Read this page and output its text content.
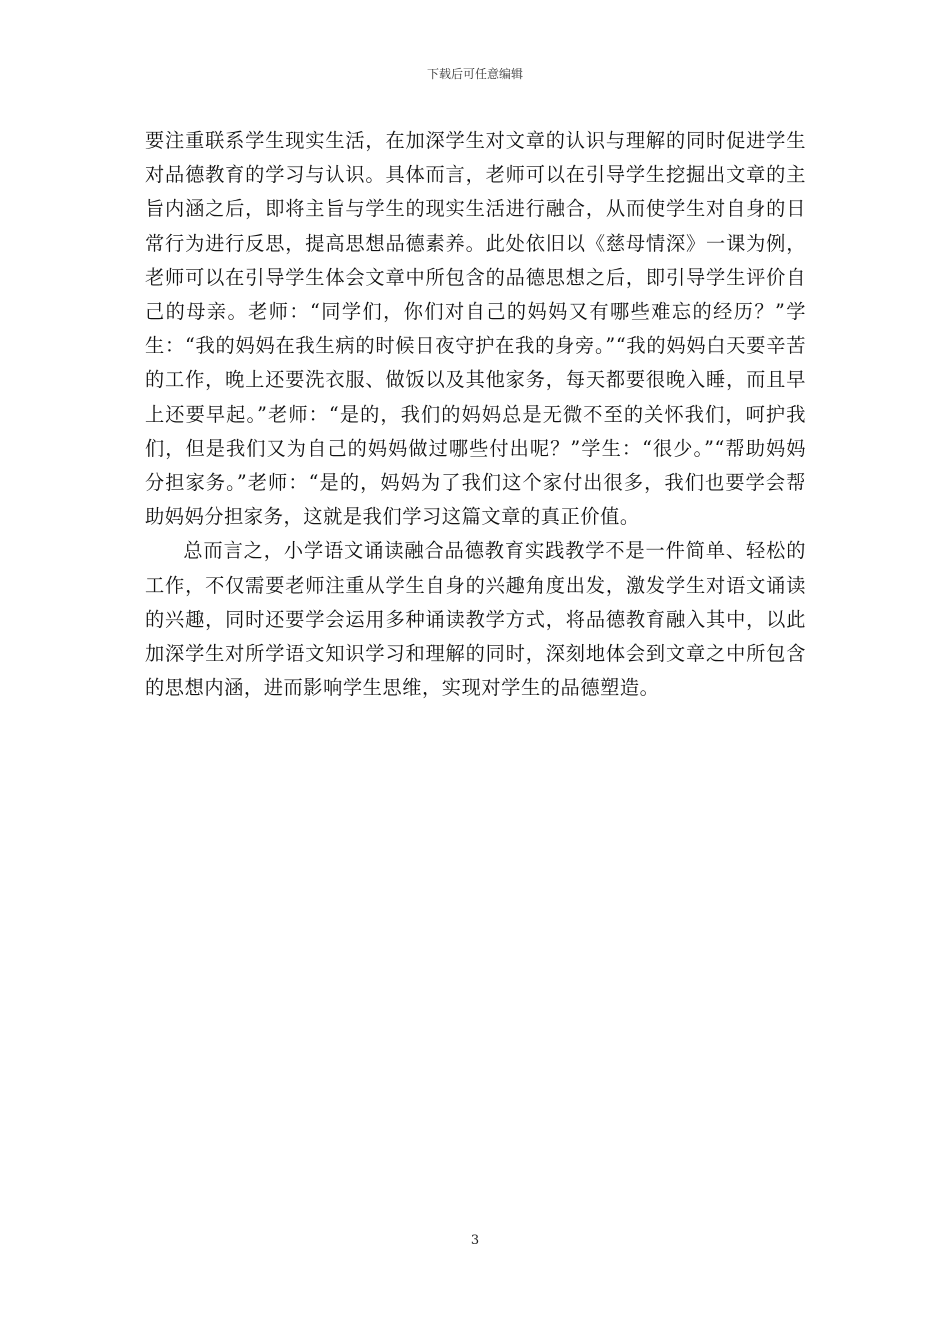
下载后可任意编辑

要注重联系学生现实生活，在加深学生对文章的认识与理解的同时促进学生对品德教育的学习与认识。具体而言，老师可以在引导学生挖掘出文章的主旨内涵之后，即将主旨与学生的现实生活进行融合，从而使学生对自身的日常行为进行反思，提高思想品德素养。此处依旧以《慈母情深》一课为例，老师可以在引导学生体会文章中所包含的品德思想之后，即引导学生评价自己的母亲。老师：“同学们，你们对自己的妈妈又有哪些难忘的经历？”学生：“我的妈妈在我生病的时候日夜守护在我的身旁。”“我的妈妈白天要辛苦的工作，晚上还要洗衣服、做饭以及其他家务，每天都要很晚入睡，而且早上还要早起。”老师：“是的，我们的妈妈总是无微不至的关怀我们，呵护我们，但是我们又为自己的妈妈做过哪些付出呢？”学生：“很少。”“帮助妈妈分担家务。”老师：“是的，妈妈为了我们这个家付出很多，我们也要学会帮助妈妈分担家务，这就是我们学习这篇文章的真正价值。

总而言之，小学语文诵读融合品德教育实践教学不是一件简单、轻松的工作，不仅需要老师注重从学生自身的兴趣角度出发，激发学生对语文诵读的兴趣，同时还要学会运用多种诵读教学方式，将品德教育融入其中，以此加深学生对所学语文知识学习和理解的同时，深刻地体会到文章之中所包含的思想内涵，进而影响学生思维，实现对学生的品德塑造。

3
